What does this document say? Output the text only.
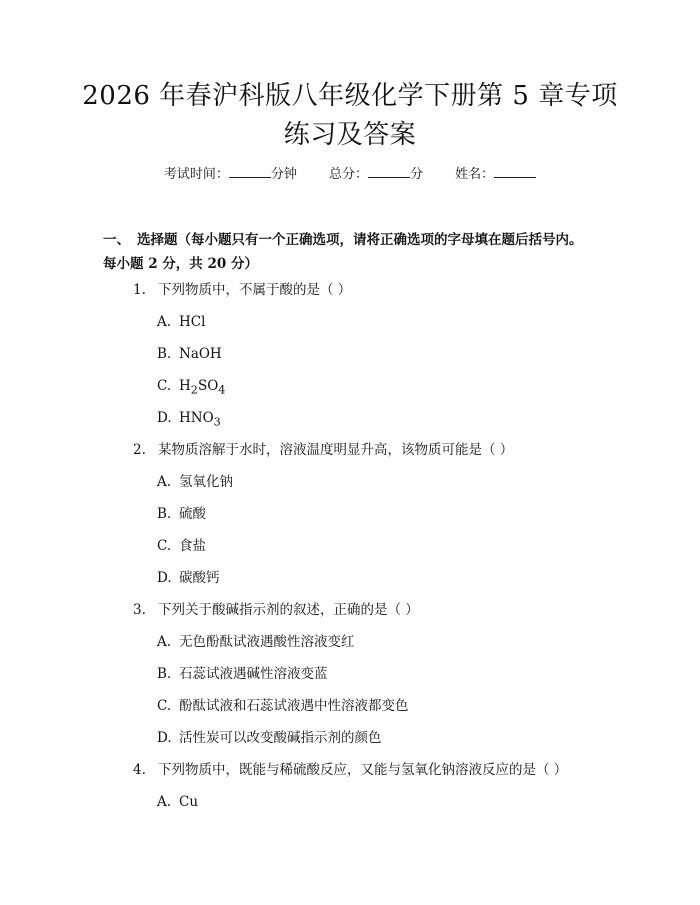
2026 年春沪科版八年级化学下册第 5 章专项
练习及答案
考试时间：	分钟 总分：	分 姓名：
一、 选择题（每小题只有一个正确选项，请将正确选项的字母填在题后括号内。
每小题 2 分，共 20 分）
1. 下列物质中，不属于酸的是（ ）
A. HCl
B. NaOH
C. $H_2SO_4$
D. $HNO_3$
2. 某物质溶解于水时，溶液温度明显升高，该物质可能是（ ）
A. 氢氧化钠
B. 硫酸
C. 食盐
D. 碳酸钙
3. 下列关于酸碱指示剂的叙述，正确的是（ ）
A. 无色酚酞试液遇酸性溶液变红
B. 石蕊试液遇碱性溶液变蓝
C. 酚酞试液和石蕊试液遇中性溶液都变色
D. 活性炭可以改变酸碱指示剂的颜色
4. 下列物质中，既能与稀硫酸反应，又能与氢氧化钠溶液反应的是（ ）
A. Cu
